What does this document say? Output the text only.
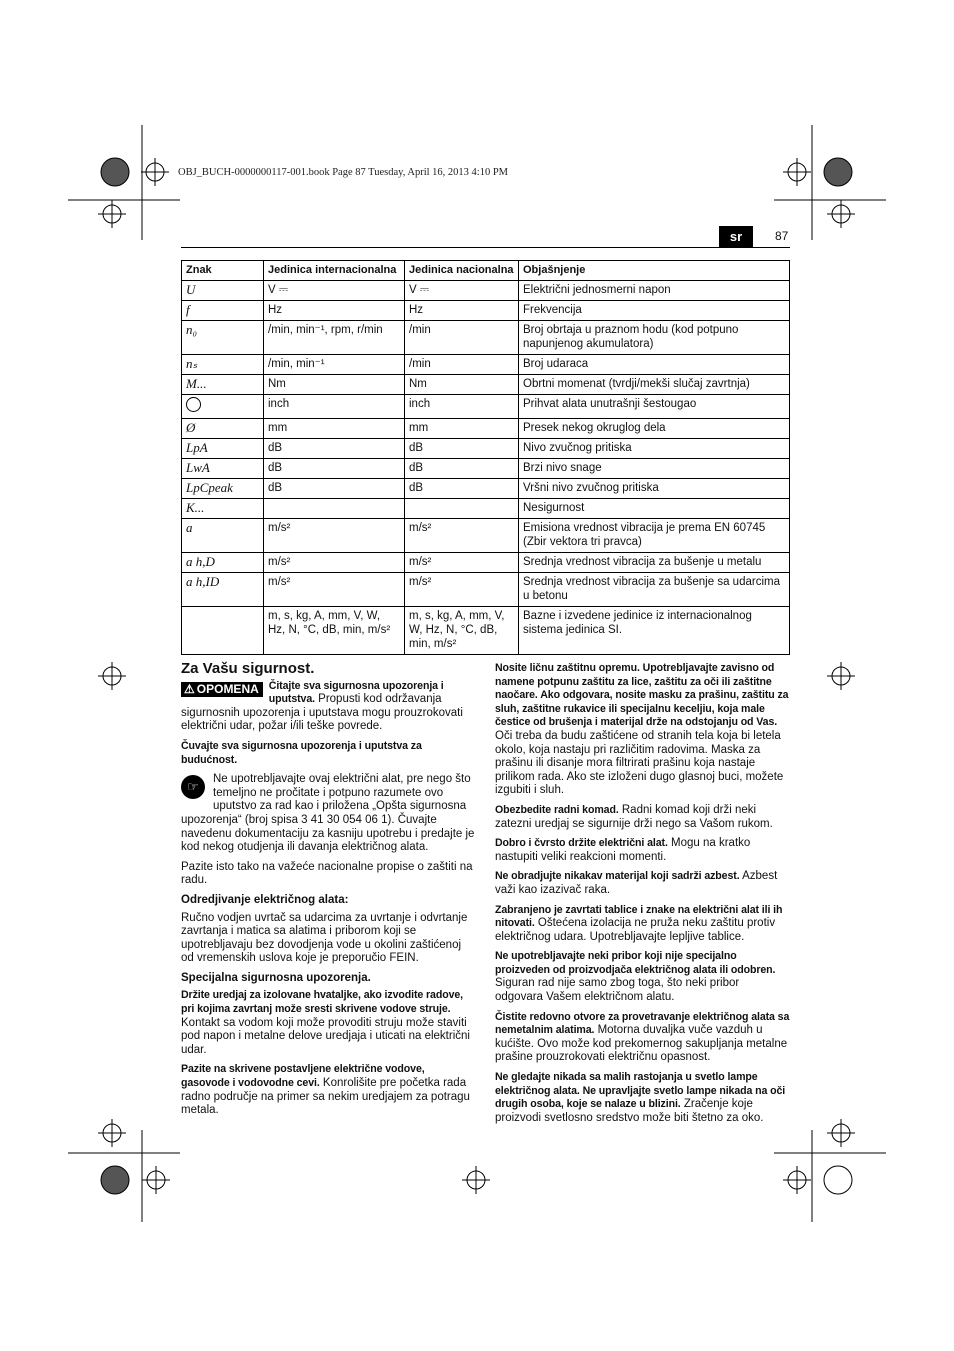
OBJ_BUCH-0000000117-001.book Page 87 Tuesday, April 16, 2013 4:10 PM
sr	87
Znak	Jedinica internacionalna	Jedinica nacionalna	Objašnjenje
U	V ⎓	V ⎓	Električni jednosmerni napon
f	Hz	Hz	Frekvencija
n₀	/min, min⁻¹, rpm, r/min	/min	Broj obrtaja u praznom hodu (kod potpuno napunjenog akumulatora)
nₛ	/min, min⁻¹	/min	Broj udaraca
M...	Nm	Nm	Obrtni momenat (tvrdji/mekši slučaj zavrtnja)
	inch	inch	Prihvat alata unutrašnji šestougao
Ø	mm	mm	Presek nekog okruglog dela
LpA	dB	dB	Nivo zvučnog pritiska
LwA	dB	dB	Brzi nivo snage
LpCpeak	dB	dB	Vršni nivo zvučnog pritiska
K...			Nesigurnost
a	m/s²	m/s²	Emisiona vrednost vibracija je prema EN 60745 (Zbir vektora tri pravca)
a h,D	m/s²	m/s²	Srednja vrednost vibracija za bušenje u metalu
a h,ID	m/s²	m/s²	Srednja vrednost vibracija za bušenje sa udarcima u betonu
	m, s, kg, A, mm, V, W, Hz, N, °C, dB, min, m/s²	m, s, kg, A, mm, V, W, Hz, N, °C, dB, min, m/s²	Bazne i izvedene jedinice iz internacionalnog sistema jedinica SI.
Za Vašu sigurnost.

⚠ OPOMENA Čitajte sva sigurnosna upozorenja i uputstva. Propusti kod održavanja sigurnosnih upozorenja i uputstava mogu prouzrokovati električni udar, požar i/ili teške povrede.

Čuvajte sva sigurnosna upozorenja i uputstva za budućnost.

☞
Ne upotrebljavajte ovaj električni alat, pre nego što temeljno ne pročitate i potpuno razumete ovo uputstvo za rad kao i priložena „Opšta sigurnosna upozorenja“ (broj spisa 3 41 30 054 06 1). Čuvajte navedenu dokumentaciju za kasniju upotrebu i predajte je kod nekog otudjenja ili davanja električnog alata.

Pazite isto tako na važeće nacionalne propise o zaštiti na radu.

Odredjivanje električnog alata:

Ručno vodjen uvrtač sa udarcima za uvrtanje i odvrtanje zavrtanja i matica sa alatima i priborom koji se upotrebljavaju bez dovodjenja vode u okolini zaštićenoj od vremenskih uslova koje je preporučio FEIN.

Specijalna sigurnosna upozorenja.

Držite uredjaj za izolovane hvataljke, ako izvodite radove, pri kojima zavrtanj može sresti skrivene vodove struje. Kontakt sa vodom koji može provoditi struju može staviti pod napon i metalne delove uredjaja i uticati na električni udar.

Pazite na skrivene postavljene električne vodove, gasovode i vodovodne cevi. Konrolišite pre početka rada radno područje na primer sa nekim uredjajem za potragu metala.

Nosite ličnu zaštitnu opremu. Upotrebljavajte zavisno od namene potpunu zaštitu za lice, zaštitu za oči ili zaštitne naočare. Ako odgovara, nosite masku za prašinu, zaštitu za sluh, zaštitne rukavice ili specijalnu keceljiu, koja male čestice od brušenja i materijal drže na odstojanju od Vas. Oči treba da budu zaštićene od stranih tela koja bi letela okolo, koja nastaju pri različitim radovima. Maska za prašinu ili disanje mora filtrirati prašinu koja nastaje prilikom rada. Ako ste izloženi dugo glasnoj buci, možete izgubiti i sluh.

Obezbedite radni komad. Radni komad koji drži neki zatezni uredjaj se sigurnije drži nego sa Vašom rukom.

Dobro i čvrsto držite električni alat. Mogu na kratko nastupiti veliki reakcioni momenti.

Ne obradjujte nikakav materijal koji sadrži azbest. Azbest važi kao izazivač raka.

Zabranjeno je zavrtati tablice i znake na električni alat ili ih nitovati. Oštećena izolacija ne pruža neku zaštitu protiv električnog udara. Upotrebljavajte lepljive tablice.

Ne upotrebljavajte neki pribor koji nije specijalno proizveden od proizvodjača električnog alata ili odobren. Siguran rad nije samo zbog toga, što neki pribor odgovara Vašem električnom alatu.

Čistite redovno otvore za provetravanje električnog alata sa nemetalnim alatima. Motorna duvaljka vuče vazduh u kućište. Ovo može kod prekomernog sakupljanja metalne prašine prouzrokovati električnu opasnost.

Ne gledajte nikada sa malih rastojanja u svetlo lampe električnog alata. Ne upravljajte svetlo lampe nikada na oči drugih osoba, koje se nalaze u blizini. Zračenje koje proizvodi svetlosno sredstvo može biti štetno za oko.
